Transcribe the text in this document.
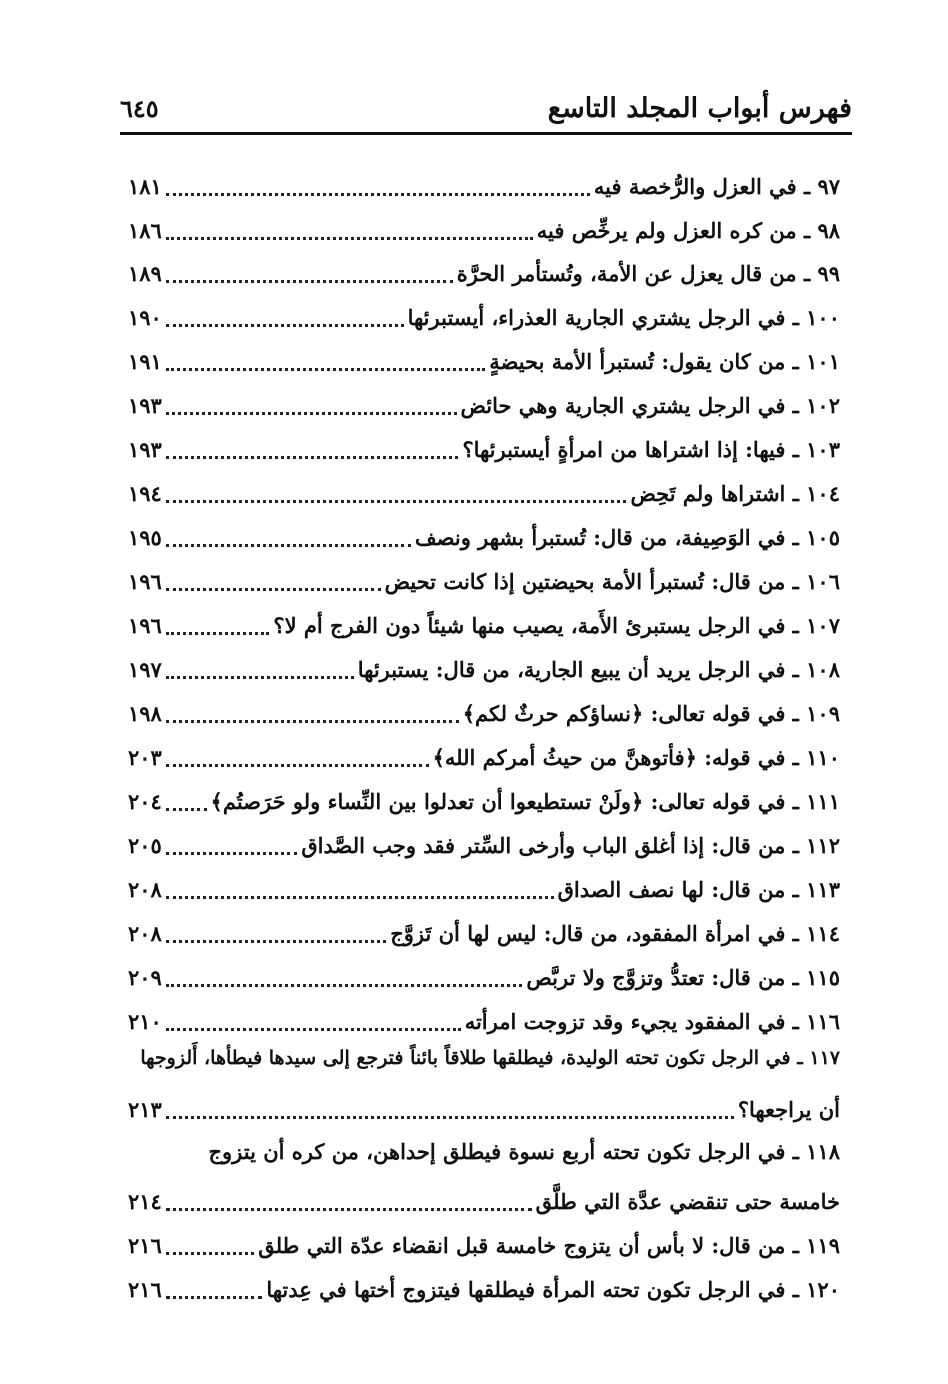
فهرس أبواب المجلد التاسع
٦٤٥
٩٧ ـ في العزل والرُّخصة فيه
١٨١
٩٨ ـ من كره العزل ولم يرخِّص فيه
١٨٦
٩٩ ـ من قال يعزل عن الأمة، وتُستأمر الحرَّة
١٨٩
١٠٠ ـ في الرجل يشتري الجارية العذراء، أيستبرئها
١٩٠
١٠١ ـ من كان يقول: تُستبرأ الأمة بحيضةٍ
١٩١
١٠٢ ـ في الرجل يشتري الجارية وهي حائض
١٩٣
١٠٣ ـ فيها: إذا اشتراها من امرأةٍ أيستبرئها؟
١٩٣
١٠٤ ـ اشتراها ولم تَحِض
١٩٤
١٠٥ ـ في الوَصِيفة، من قال: تُستبرأ بشهر ونصف
١٩٥
١٠٦ ـ من قال: تُستبرأ الأمة بحيضتين إذا كانت تحيض
١٩٦
١٠٧ ـ في الرجل يستبرئ الأَمة، يصيب منها شيئاً دون الفرج أم لا؟
١٩٦
١٠٨ ـ في الرجل يريد أن يبيع الجارية، من قال: يستبرئها
١٩٧
١٠٩ ـ في قوله تعالى: ﴿نساؤكم حرثٌ لكم﴾
١٩٨
١١٠ ـ في قوله: ﴿فأتوهنَّ من حيثُ أمركم الله﴾
٢٠٣
١١١ ـ في قوله تعالى: ﴿ولَنْ تستطيعوا أن تعدلوا بين النِّساء ولو حَرَصتُم﴾
٢٠٤
١١٢ ـ من قال: إذا أغلق الباب وأرخى السِّتر فقد وجب الصَّداق
٢٠٥
١١٣ ـ من قال: لها نصف الصداق
٢٠٨
١١٤ ـ في امرأة المفقود، من قال: ليس لها أن تَزوَّج
٢٠٨
١١٥ ـ من قال: تعتدُّ وتزوَّج ولا تربَّص
٢٠٩
١١٦ ـ في المفقود يجيء وقد تزوجت امرأته
٢١٠
١١٧ ـ في الرجل تكون تحته الوليدة، فيطلقها طلاقاً بائناً فترجع إلى سيدها فيطأها، أَلزوجها
أن يراجعها؟
٢١٣
١١٨ ـ في الرجل تكون تحته أربع نسوة فيطلق إحداهن، من كره أن يتزوج
خامسة حتى تنقضي عدَّة التي طلَّق
٢١٤
١١٩ ـ من قال: لا بأس أن يتزوج خامسة قبل انقضاء عدّة التي طلق
٢١٦
١٢٠ ـ في الرجل تكون تحته المرأة فيطلقها فيتزوج أختها في عِدتها
٢١٦
